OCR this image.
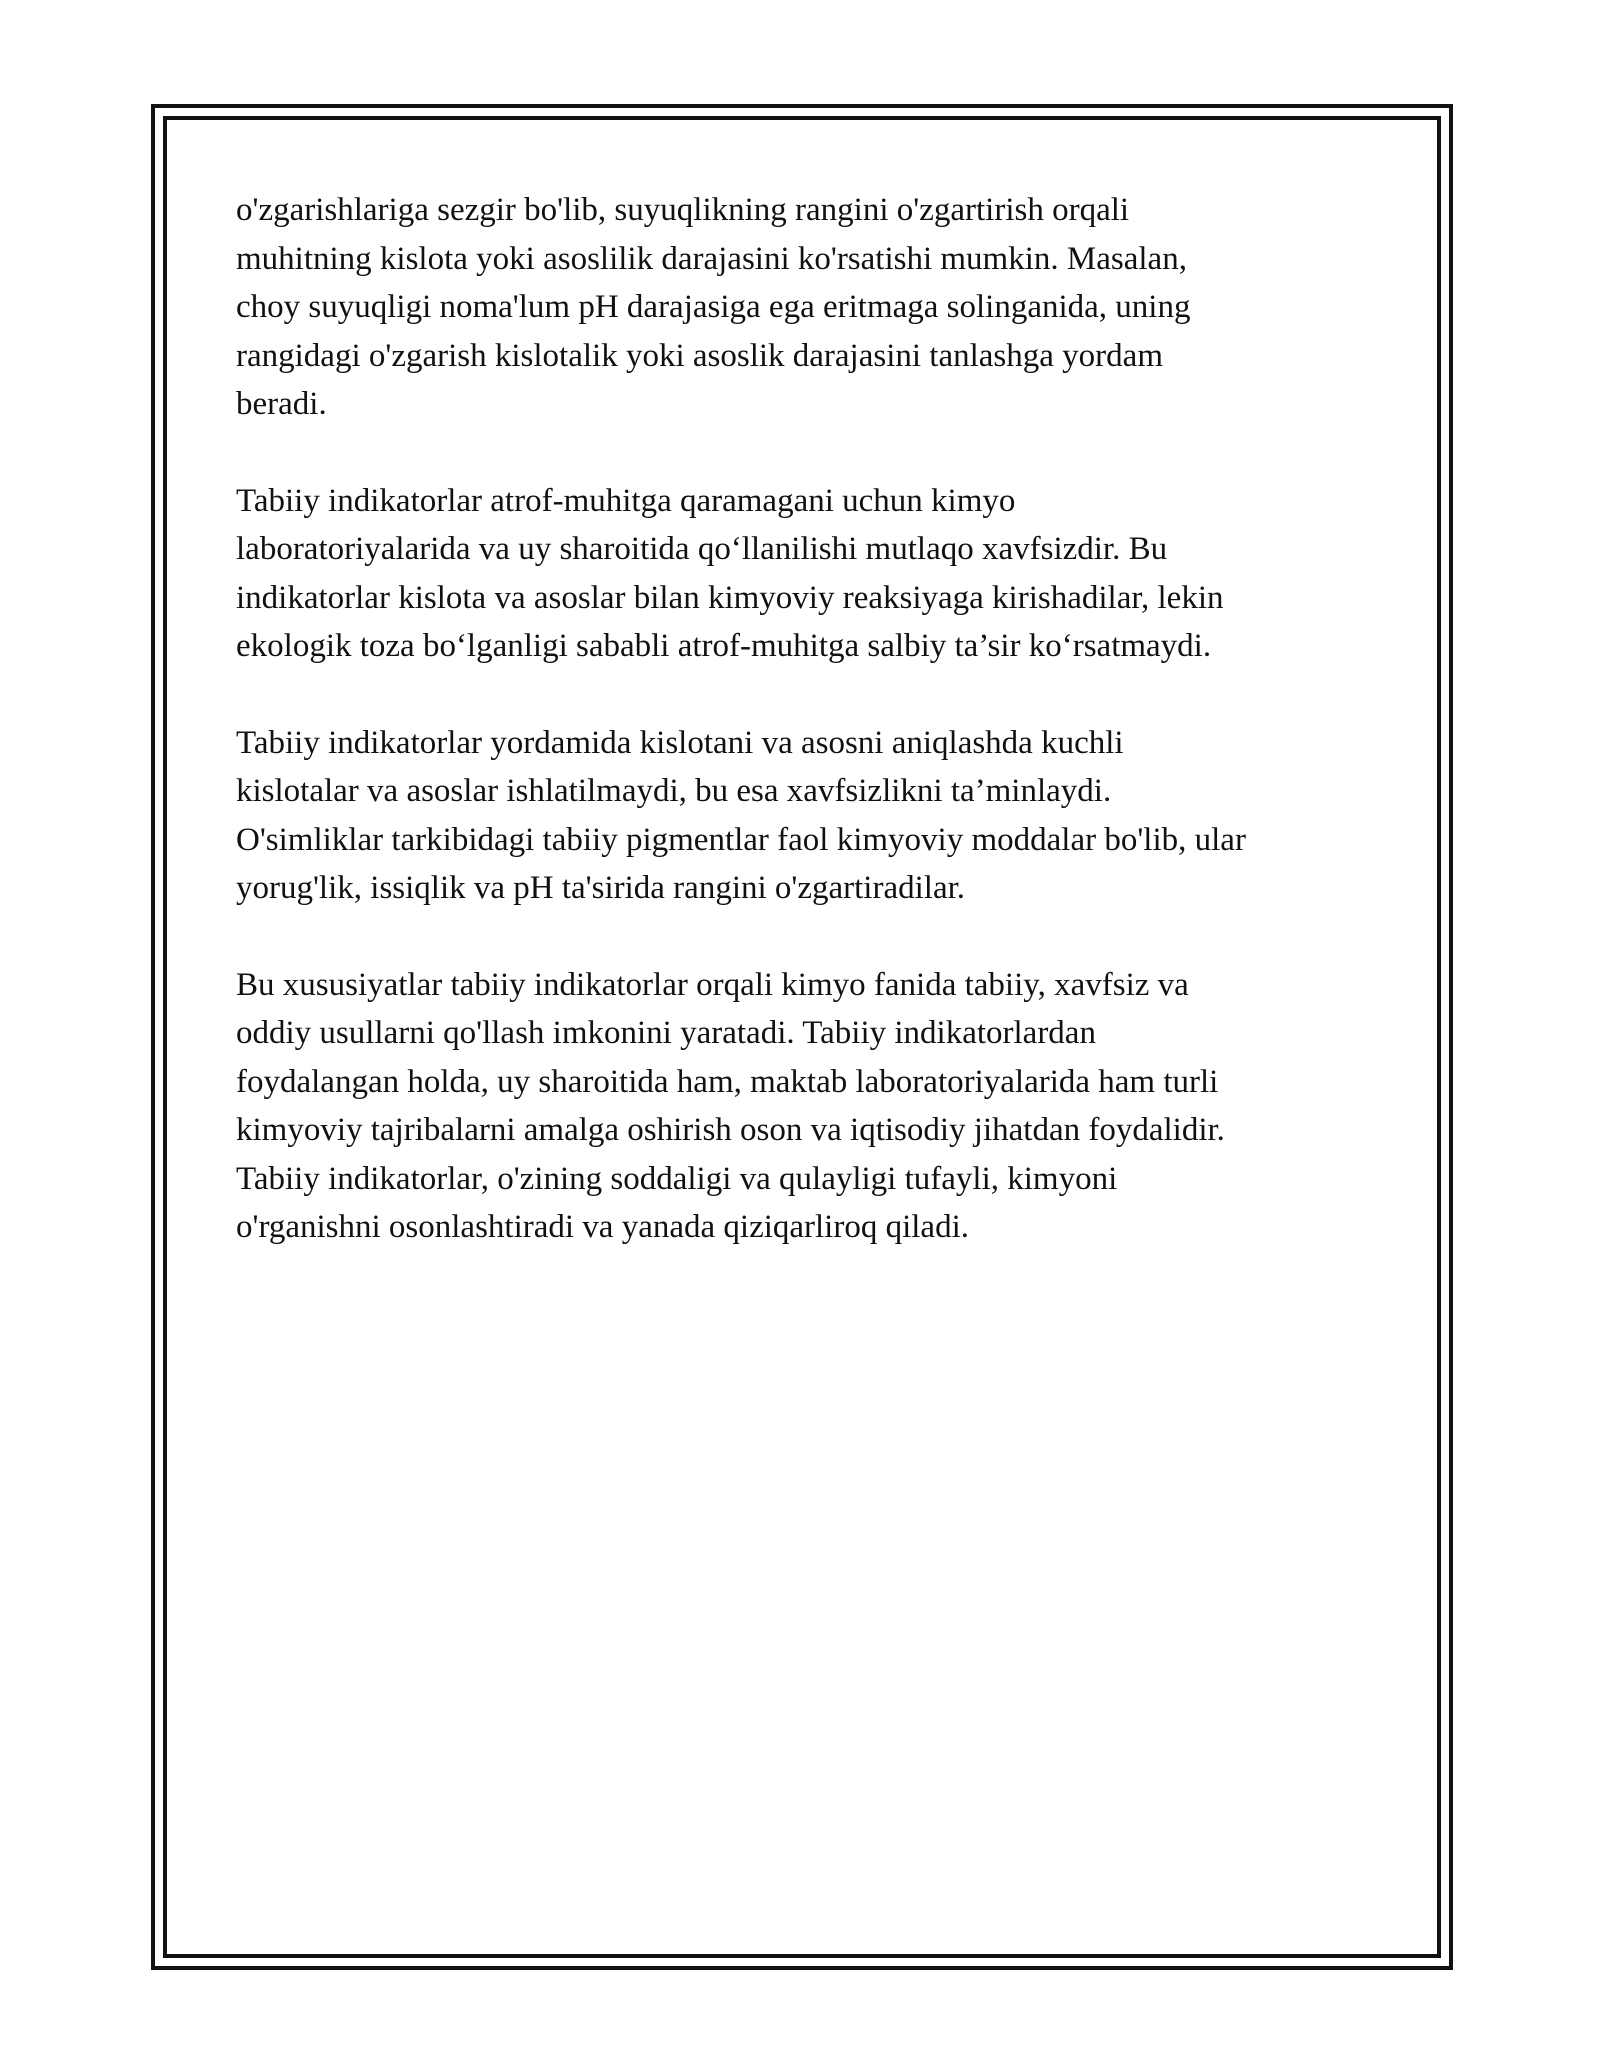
o'zgarishlariga sezgir bo'lib, suyuqlikning rangini o'zgartirish orqali
muhitning kislota yoki asoslilik darajasini ko'rsatishi mumkin. Masalan,
choy suyuqligi noma'lum pH darajasiga ega eritmaga solinganida, uning
rangidagi o'zgarish kislotalik yoki asoslik darajasini tanlashga yordam
beradi.

Tabiiy indikatorlar atrof-muhitga qaramagani uchun kimyo
laboratoriyalarida va uy sharoitida qo‘llanilishi mutlaqo xavfsizdir. Bu
indikatorlar kislota va asoslar bilan kimyoviy reaksiyaga kirishadilar, lekin
ekologik toza bo‘lganligi sababli atrof-muhitga salbiy ta’sir ko‘rsatmaydi.

Tabiiy indikatorlar yordamida kislotani va asosni aniqlashda kuchli
kislotalar va asoslar ishlatilmaydi, bu esa xavfsizlikni ta’minlaydi.
O'simliklar tarkibidagi tabiiy pigmentlar faol kimyoviy moddalar bo'lib, ular
yorug'lik, issiqlik va pH ta'sirida rangini o'zgartiradilar.

Bu xususiyatlar tabiiy indikatorlar orqali kimyo fanida tabiiy, xavfsiz va
oddiy usullarni qo'llash imkonini yaratadi. Tabiiy indikatorlardan
foydalangan holda, uy sharoitida ham, maktab laboratoriyalarida ham turli
kimyoviy tajribalarni amalga oshirish oson va iqtisodiy jihatdan foydalidir.
Tabiiy indikatorlar, o'zining soddaligi va qulayligi tufayli, kimyoni
o'rganishni osonlashtiradi va yanada qiziqarliroq qiladi.
